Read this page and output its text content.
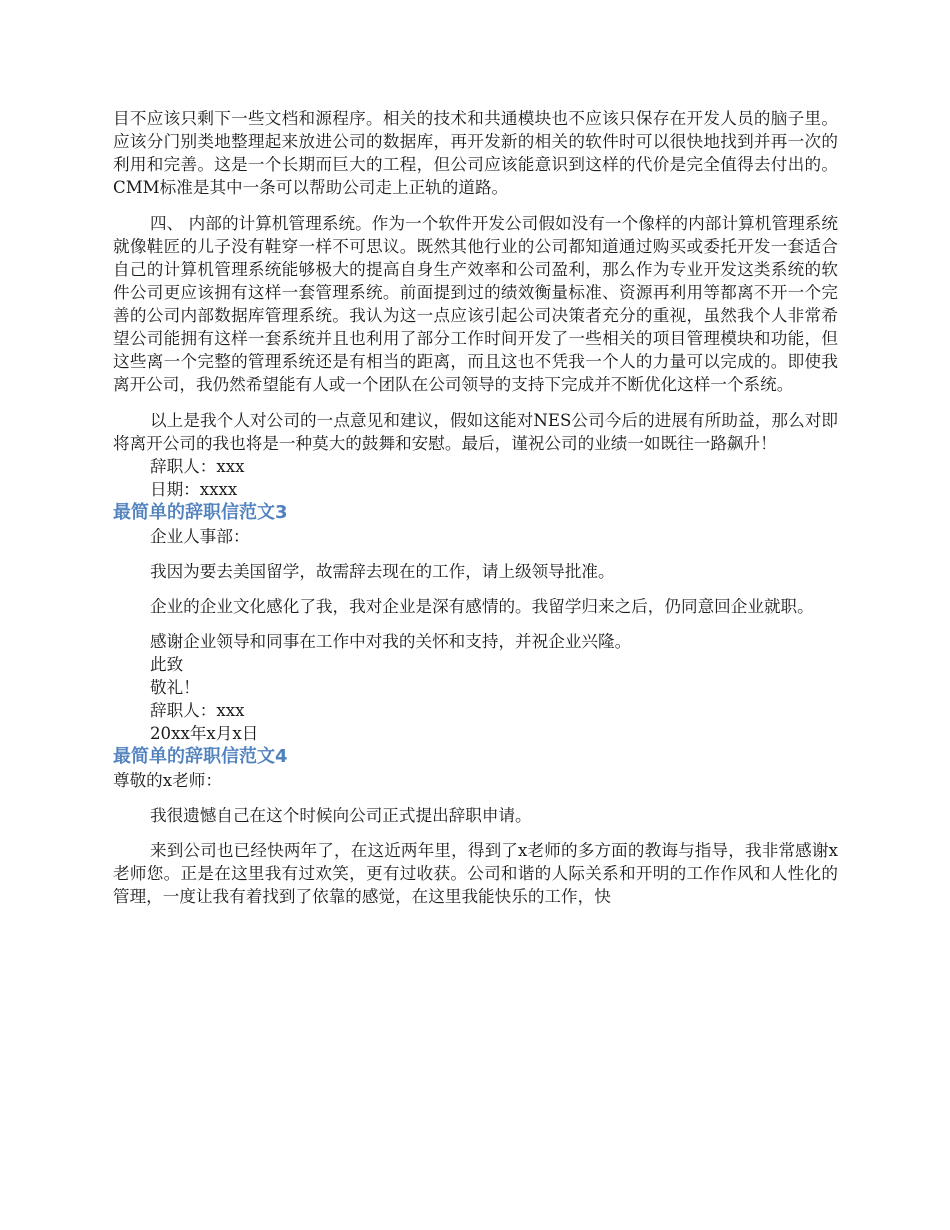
目不应该只剩下一些文档和源程序。相关的技术和共通模块也不应该只保存在开发人员的脑子里。应该分门别类地整理起来放进公司的数据库，再开发新的相关的软件时可以很快地找到并再一次的利用和完善。这是一个长期而巨大的工程，但公司应该能意识到这样的代价是完全值得去付出的。CMM标准是其中一条可以帮助公司走上正轨的道路。

四、 内部的计算机管理系统。作为一个软件开发公司假如没有一个像样的内部计算机管理系统就像鞋匠的儿子没有鞋穿一样不可思议。既然其他行业的公司都知道通过购买或委托开发一套适合自己的计算机管理系统能够极大的提高自身生产效率和公司盈利，那么作为专业开发这类系统的软件公司更应该拥有这样一套管理系统。前面提到过的绩效衡量标准、资源再利用等都离不开一个完善的公司内部数据库管理系统。我认为这一点应该引起公司决策者充分的重视，虽然我个人非常希望公司能拥有这样一套系统并且也利用了部分工作时间开发了一些相关的项目管理模块和功能，但这些离一个完整的管理系统还是有相当的距离，而且这也不凭我一个人的力量可以完成的。即使我离开公司，我仍然希望能有人或一个团队在公司领导的支持下完成并不断优化这样一个系统。

以上是我个人对公司的一点意见和建议，假如这能对NES公司今后的进展有所助益，那么对即将离开公司的我也将是一种莫大的鼓舞和安慰。最后，谨祝公司的业绩一如既往一路飙升！

辞职人：xxx

日期：xxxx

最简单的辞职信范文3

企业人事部：

我因为要去美国留学，故需辞去现在的工作，请上级领导批准。

企业的企业文化感化了我，我对企业是深有感情的。我留学归来之后，仍同意回企业就职。

感谢企业领导和同事在工作中对我的关怀和支持，并祝企业兴隆。

此致

敬礼！

辞职人：xxx

20xx年x月x日

最简单的辞职信范文4

尊敬的x老师：

我很遗憾自己在这个时候向公司正式提出辞职申请。

来到公司也已经快两年了，在这近两年里，得到了x老师的多方面的教诲与指导，我非常感谢x老师您。正是在这里我有过欢笑，更有过收获。公司和谐的人际关系和开明的工作作风和人性化的管理，一度让我有着找到了依靠的感觉，在这里我能快乐的工作，快
